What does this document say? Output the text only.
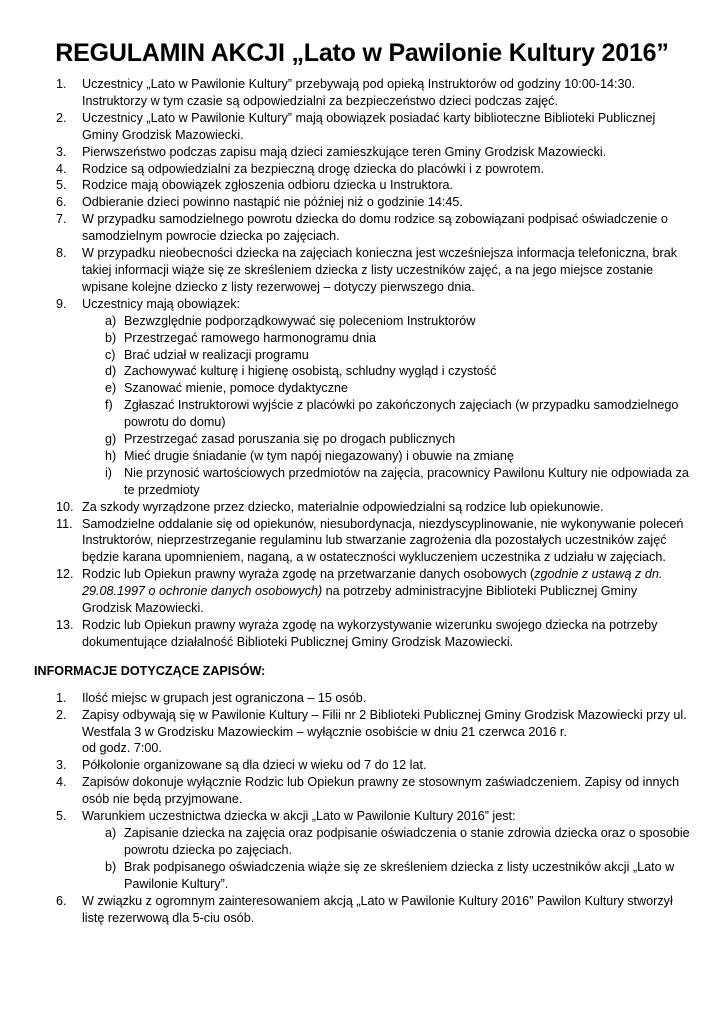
REGULAMIN AKCJI „Lato w Pawilonie Kultury 2016”
1. Uczestnicy „Lato w Pawilonie Kultury” przebywają pod opieką Instruktorów od godziny 10:00-14:30. Instruktorzy w tym czasie są odpowiedzialni za bezpieczeństwo dzieci podczas zajęć.
2. Uczestnicy „Lato w Pawilonie Kultury” mają obowiązek posiadać karty biblioteczne Biblioteki Publicznej Gminy Grodzisk Mazowiecki.
3. Pierwszeństwo podczas zapisu mają dzieci zamieszkujące teren Gminy Grodzisk Mazowiecki.
4. Rodzice są odpowiedzialni za bezpieczną drogę dziecka do placówki i z powrotem.
5. Rodzice mają obowiązek zgłoszenia odbioru dziecka u Instruktora.
6. Odbieranie dzieci powinno nastąpić nie później niż o godzinie 14:45.
7. W przypadku samodzielnego powrotu dziecka do domu rodzice są zobowiązani podpisać oświadczenie o samodzielnym powrocie dziecka po zajęciach.
8. W przypadku nieobecności dziecka na zajęciach konieczna jest wcześniejsza informacja telefoniczna, brak takiej informacji wiąże się ze skreśleniem dziecka z listy uczestników zajęć, a na jego miejsce zostanie wpisane kolejne dziecko z listy rezerwowej – dotyczy pierwszego dnia.
9. Uczestnicy mają obowiązek:
a) Bezwzględnie podporządkowywać się poleceniom Instruktorów
b) Przestrzegać ramowego harmonogramu dnia
c) Brać udział w realizacji programu
d) Zachowywać kulturę i higienę osobistą, schludny wygląd i czystość
e) Szanować mienie, pomoce dydaktyczne
f) Zgłaszać Instruktorowi wyjście z placówki po zakończonych zajęciach (w przypadku samodzielnego powrotu do domu)
g) Przestrzegać zasad poruszania się po drogach publicznych
h) Mieć drugie śniadanie (w tym napój niegazowany) i obuwie na zmianę
i) Nie przynosić wartościowych przedmiotów na zajęcia, pracownicy Pawilonu Kultury nie odpowiada za te przedmioty
10. Za szkody wyrządzone przez dziecko, materialnie odpowiedzialni są rodzice lub opiekunowie.
11. Samodzielne oddalanie się od opiekunów, niesubordynacja, niezdyscyplinowanie, nie wykonywanie poleceń Instruktorów, nieprzestrzeganie regulaminu lub stwarzanie zagrożenia dla pozostałych uczestników zajęć będzie karana upomnieniem, naganą, a w ostateczności wykluczeniem uczestnika z udziału w zajęciach.
12. Rodzic lub Opiekun prawny wyraża zgodę na przetwarzanie danych osobowych (zgodnie z ustawą z dn. 29.08.1997 o ochronie danych osobowych) na potrzeby administracyjne Biblioteki Publicznej Gminy Grodzisk Mazowiecki.
13. Rodzic lub Opiekun prawny wyraża zgodę na wykorzystywanie wizerunku swojego dziecka na potrzeby dokumentujące działalność Biblioteki Publicznej Gminy Grodzisk Mazowiecki.
INFORMACJE DOTYCZĄCE ZAPISÓW:
1. Ilość miejsc w grupach jest ograniczona – 15 osób.
2. Zapisy odbywają się w Pawilonie Kultury – Filii nr 2 Biblioteki Publicznej Gminy Grodzisk Mazowiecki przy ul. Westfala 3 w Grodzisku Mazowieckim – wyłącznie osobiście w dniu 21 czerwca 2016 r.
od godz. 7:00.
3. Półkolonie organizowane są dla dzieci w wieku od 7 do 12 lat.
4. Zapisów dokonuje wyłącznie Rodzic lub Opiekun prawny ze stosownym zaświadczeniem. Zapisy od innych osób nie będą przyjmowane.
5. Warunkiem uczestnictwa dziecka w akcji „Lato w Pawilonie Kultury 2016” jest:
a) Zapisanie dziecka na zajęcia oraz podpisanie oświadczenia o stanie zdrowia dziecka oraz o sposobie powrotu dziecka po zajęciach.
b) Brak podpisanego oświadczenia wiąże się ze skreśleniem dziecka z listy uczestników akcji „Lato w Pawilonie Kultury”.
6. W związku z ogromnym zainteresowaniem akcją „Lato w Pawilonie Kultury 2016” Pawilon Kultury stworzył listę rezerwową dla 5-ciu osób.
